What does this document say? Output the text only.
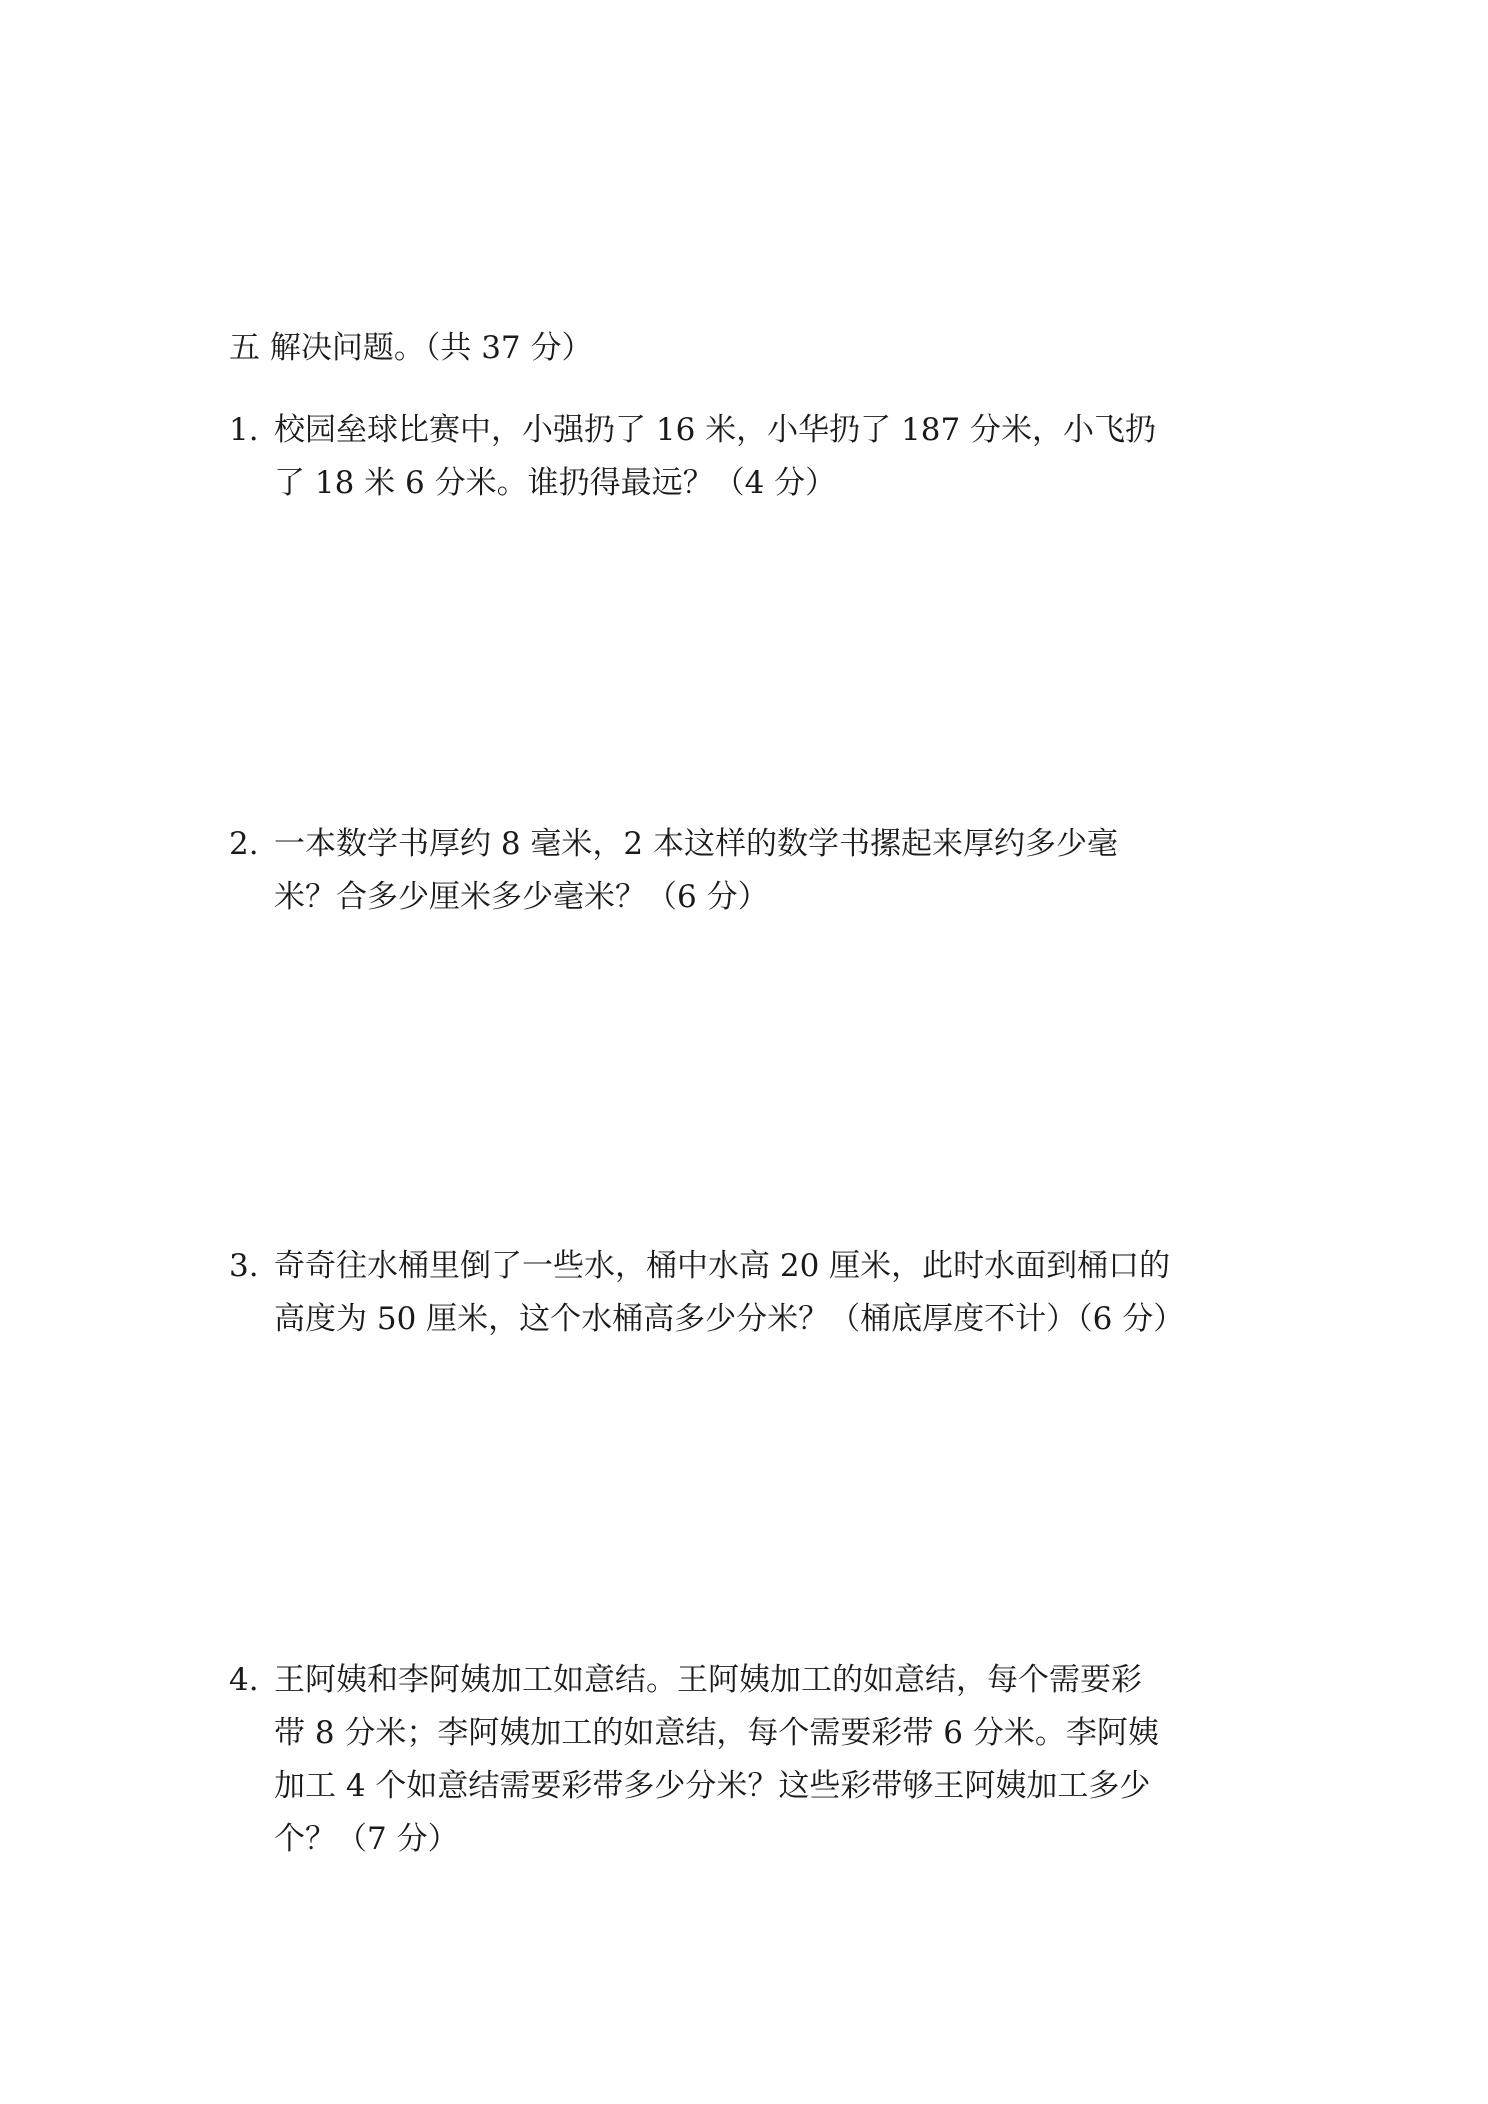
五 解决问题。（共 37 分）
1. 校园垒球比赛中，小强扔了 16 米，小华扔了 187 分米，小飞扔
了 18 米 6 分米。谁扔得最远？（4 分）
2. 一本数学书厚约 8 毫米，2 本这样的数学书摞起来厚约多少毫
米？合多少厘米多少毫米？（6 分）
3. 奇奇往水桶里倒了一些水，桶中水高 20 厘米，此时水面到桶口的
高度为 50 厘米，这个水桶高多少分米？（桶底厚度不计）（6 分）
4. 王阿姨和李阿姨加工如意结。王阿姨加工的如意结，每个需要彩
带 8 分米；李阿姨加工的如意结，每个需要彩带 6 分米。李阿姨
加工 4 个如意结需要彩带多少分米？这些彩带够王阿姨加工多少
个？（7 分）
